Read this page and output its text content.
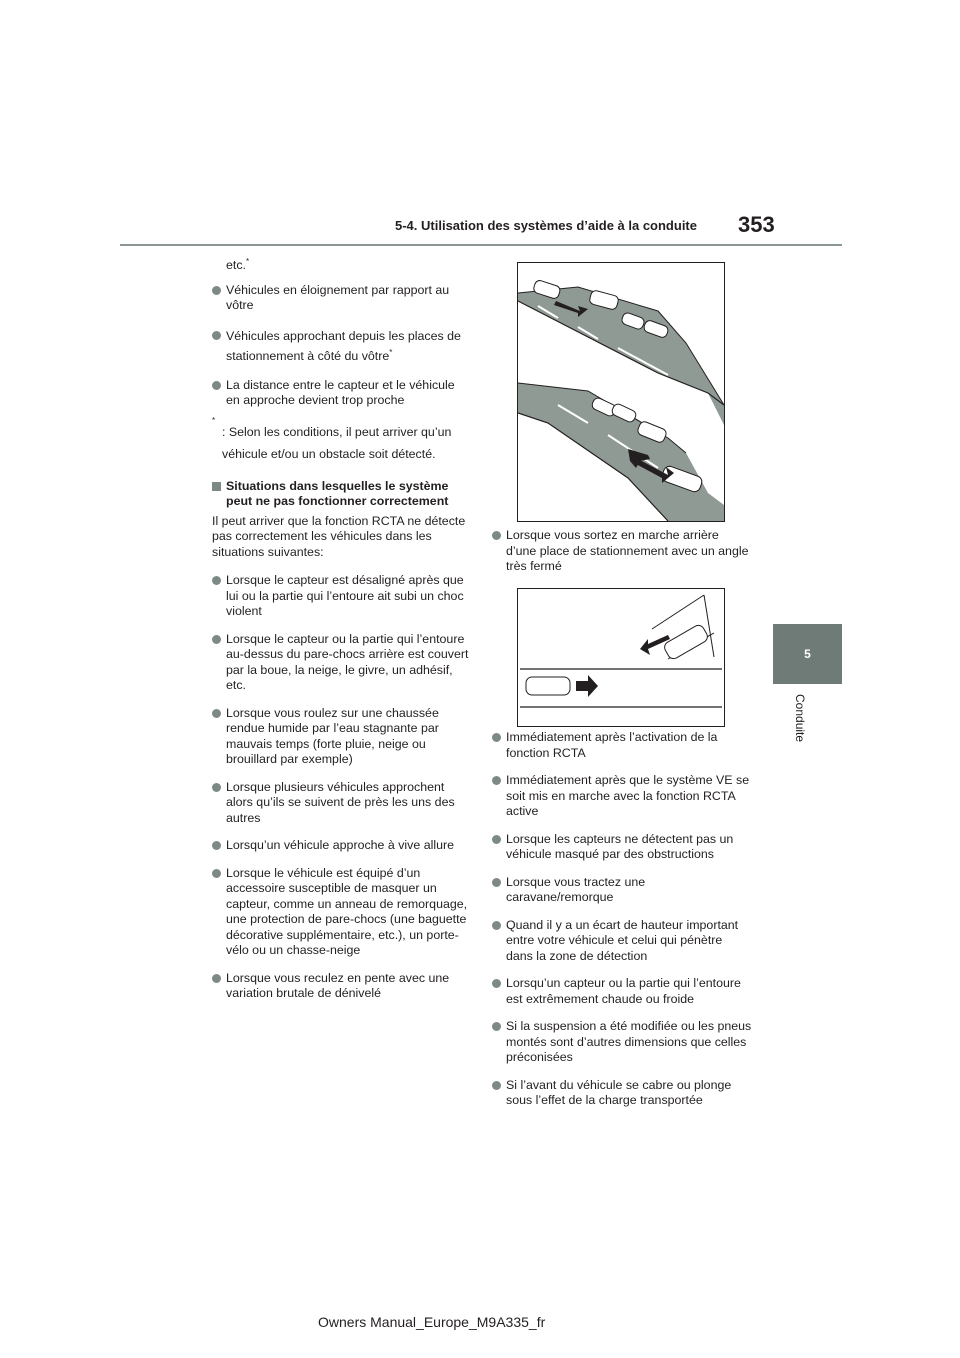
5-4. Utilisation des systèmes d’aide à la conduite 353
5
Conduite
etc.*
Véhicules en éloignement par rapport au vôtre
Véhicules approchant depuis les places de stationnement à côté du vôtre*
La distance entre le capteur et le véhicule en approche devient trop proche
*
: Selon les conditions, il peut arriver qu’un véhicule et/ou un obstacle soit détecté.
Situations dans lesquelles le système peut ne pas fonctionner correctement
Il peut arriver que la fonction RCTA ne détecte pas correctement les véhicules dans les situations suivantes:
Lorsque le capteur est désaligné après que lui ou la partie qui l’entoure ait subi un choc violent
Lorsque le capteur ou la partie qui l’entoure au-dessus du pare-chocs arrière est couvert par la boue, la neige, le givre, un adhésif, etc.
Lorsque vous roulez sur une chaussée rendue humide par l’eau stagnante par mauvais temps (forte pluie, neige ou brouillard par exemple)
Lorsque plusieurs véhicules approchent alors qu’ils se suivent de près les uns des autres
Lorsqu’un véhicule approche à vive allure
Lorsque le véhicule est équipé d’un accessoire susceptible de masquer un capteur, comme un anneau de remorquage, une protection de pare-chocs (une baguette décorative supplémentaire, etc.), un porte-vélo ou un chasse-neige
Lorsque vous reculez en pente avec une variation brutale de dénivelé
Lorsque vous sortez en marche arrière d’une place de stationnement avec un angle très fermé
Immédiatement après l’activation de la fonction RCTA
Immédiatement après que le système VE se soit mis en marche avec la fonction RCTA active
Lorsque les capteurs ne détectent pas un véhicule masqué par des obstructions
Lorsque vous tractez une caravane/remorque
Quand il y a un écart de hauteur important entre votre véhicule et celui qui pénètre dans la zone de détection
Lorsqu’un capteur ou la partie qui l’entoure est extrêmement chaude ou froide
Si la suspension a été modifiée ou les pneus montés sont d’autres dimensions que celles préconisées
Si l’avant du véhicule se cabre ou plonge sous l’effet de la charge transportée
Owners Manual_Europe_M9A335_fr
